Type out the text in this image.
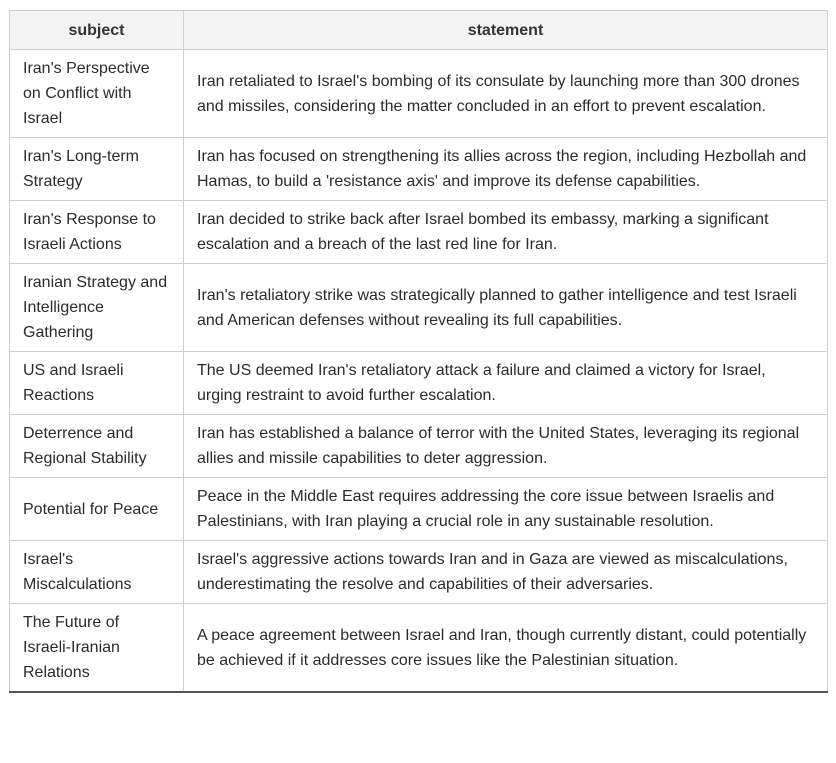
subject	statement
Iran's Perspective on Conflict with Israel	Iran retaliated to Israel's bombing of its consulate by launching more than 300 drones and missiles, considering the matter concluded in an effort to prevent escalation.
Iran's Long-term Strategy	Iran has focused on strengthening its allies across the region, including Hezbollah and Hamas, to build a 'resistance axis' and improve its defense capabilities.
Iran's Response to Israeli Actions	Iran decided to strike back after Israel bombed its embassy, marking a significant escalation and a breach of the last red line for Iran.
Iranian Strategy and Intelligence Gathering	Iran's retaliatory strike was strategically planned to gather intelligence and test Israeli and American defenses without revealing its full capabilities.
US and Israeli Reactions	The US deemed Iran's retaliatory attack a failure and claimed a victory for Israel, urging restraint to avoid further escalation.
Deterrence and Regional Stability	Iran has established a balance of terror with the United States, leveraging its regional allies and missile capabilities to deter aggression.
Potential for Peace	Peace in the Middle East requires addressing the core issue between Israelis and Palestinians, with Iran playing a crucial role in any sustainable resolution.
Israel's Miscalculations	Israel's aggressive actions towards Iran and in Gaza are viewed as miscalculations, underestimating the resolve and capabilities of their adversaries.
The Future of Israeli-Iranian Relations	A peace agreement between Israel and Iran, though currently distant, could potentially be achieved if it addresses core issues like the Palestinian situation.
